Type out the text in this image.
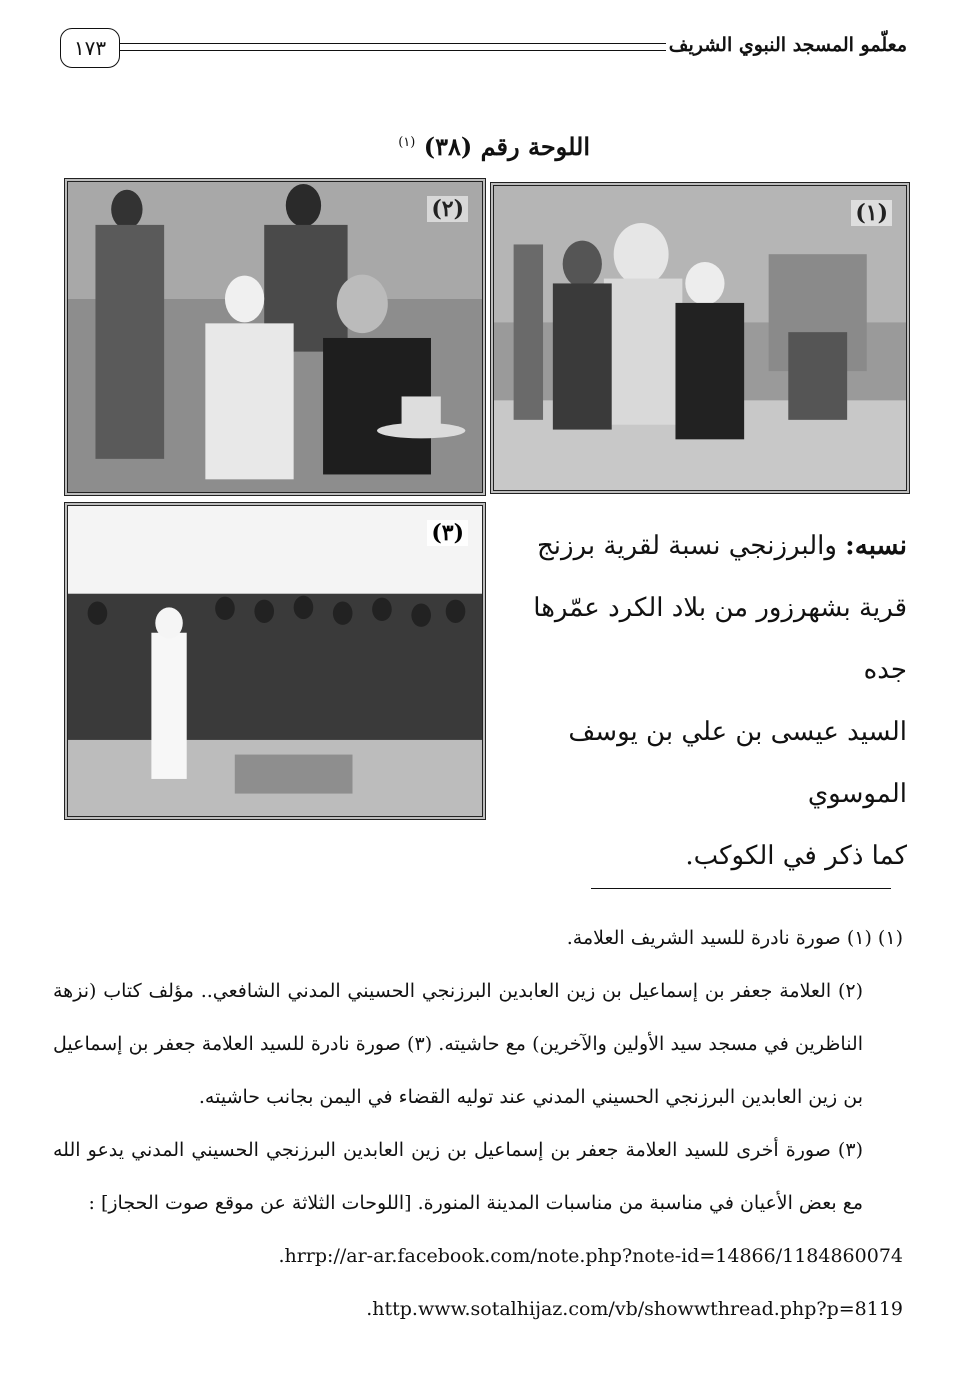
معلّمو المسجد النبوي الشريف
١٧٣
اللوحة رقم (٣٨) $^{(١)}$
(١)
(٢)
(٣)	نسبه: والبرزنجي نسبة لقرية برزنج
قرية بشهرزور من بلاد الكرد عمّرها جده
السيد عيسى بن علي بن يوسف الموسوي
كما ذكر في الكوكب.

(١) (١) صورة نادرة للسيد الشريف العلامة.

(٢) العلامة جعفر بن إسماعيل بن زين العابدين البرزنجي الحسيني المدني الشافعي.. مؤلف كتاب (نزهة الناظرين في مسجد سيد الأولين والآخرين) مع حاشيته. (٣) صورة نادرة للسيد العلامة جعفر بن إسماعيل بن زين العابدين البرزنجي الحسيني المدني عند توليه القضاء في اليمن بجانب حاشيته.

(٣) صورة أخرى للسيد العلامة جعفر بن إسماعيل بن زين العابدين البرزنجي الحسيني المدني يدعو الله مع بعض الأعيان في مناسبة من مناسبات المدينة المنورة. [اللوحات الثلاثة عن موقع صوت الحجاز] :

.hrrp://ar-ar.facebook.com/note.php?note-id=14866/1184860074

.http.www.sotalhijaz.com/vb/showwthread.php?p=8119
